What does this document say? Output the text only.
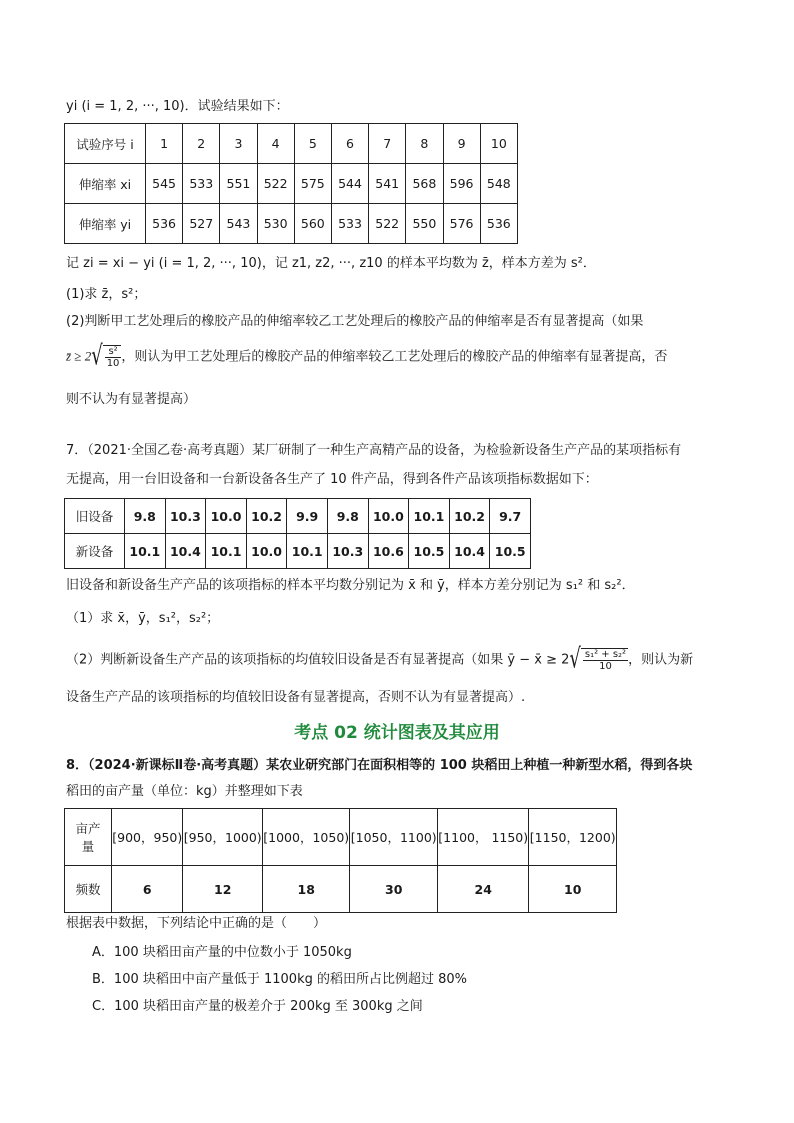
yi (i = 1, 2, ···, 10)．试验结果如下：
试验序号 i	1	2	3	4	5	6	7	8	9	10
伸缩率 xi	545	533	551	522	575	544	541	568	596	548
伸缩率 yi	536	527	543	530	560	533	522	550	576	536
记 zi = xi − yi (i = 1, 2, ···, 10)，记 z1, z2, ···, z10 的样本平均数为 z̄，样本方差为 s²．
(1)求 z̄，s²；
(2)判断甲工艺处理后的橡胶产品的伸缩率较乙工艺处理后的橡胶产品的伸缩率是否有显著提高（如果
z̄ ≥ $2√ \frac{\text{s²}}{10}$ ，则认为甲工艺处理后的橡胶产品的伸缩率较乙工艺处理后的橡胶产品的伸缩率有显著提高，否
则不认为有显著提高）
7．（2021·全国乙卷·高考真题）某厂研制了一种生产高精产品的设备，为检验新设备生产产品的某项指标有
无提高，用一台旧设备和一台新设备各生产了 10 件产品，得到各件产品该项指标数据如下：
旧设备	9.8	10.3	10.0	10.2	9.9	9.8	10.0	10.1	10.2	9.7
新设备	10.1	10.4	10.1	10.0	10.1	10.3	10.6	10.5	10.4	10.5
旧设备和新设备生产产品的该项指标的样本平均数分别记为 x̄ 和 ȳ，样本方差分别记为 s₁² 和 s₂²．
（1）求 x̄，ȳ，s₁²，s₂²；
（2）判断新设备生产产品的该项指标的均值较旧设备是否有显著提高（如果 ȳ − x̄ ≥ $2√ \frac{\text{s₁² + s₂²}}{10}$ ，则认为新
设备生产产品的该项指标的均值较旧设备有显著提高，否则不认为有显著提高）.
考点 02 统计图表及其应用
8．（2024·新课标Ⅱ卷·高考真题）某农业研究部门在面积相等的 100 块稻田上种植一种新型水稻，得到各块
稻田的亩产量（单位：kg）并整理如下表
亩产
量	[900，950)	[950，1000)	[1000，1050)	[1050，1100)	[1100， 1150)	[1150，1200)
频数	6	12	18	30	24	10
根据表中数据，下列结论中正确的是（　　）
A．100 块稻田亩产量的中位数小于 1050kg
B．100 块稻田中亩产量低于 1100kg 的稻田所占比例超过 80%
C．100 块稻田亩产量的极差介于 200kg 至 300kg 之间
